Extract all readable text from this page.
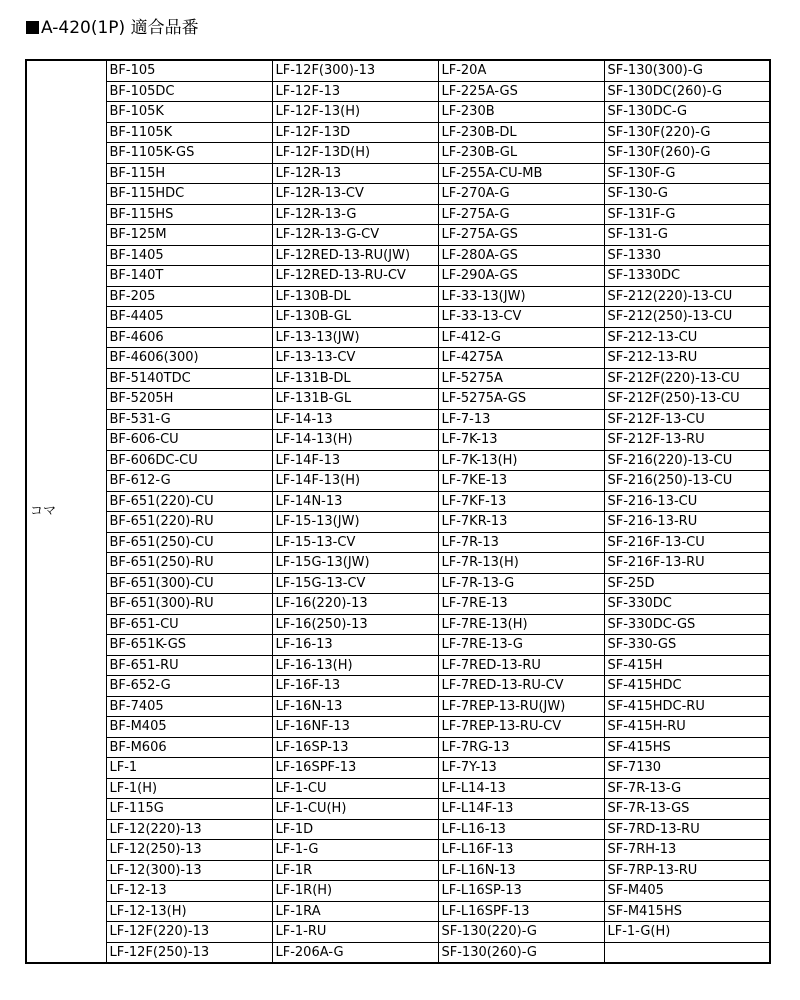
A-420(1P) 適合品番
コマ	BF-105	LF-12F(300)-13	LF-20A	SF-130(300)-G
	BF-105DC	LF-12F-13	LF-225A-GS	SF-130DC(260)-G
	BF-105K	LF-12F-13(H)	LF-230B	SF-130DC-G
	BF-1105K	LF-12F-13D	LF-230B-DL	SF-130F(220)-G
	BF-1105K-GS	LF-12F-13D(H)	LF-230B-GL	SF-130F(260)-G
	BF-115H	LF-12R-13	LF-255A-CU-MB	SF-130F-G
	BF-115HDC	LF-12R-13-CV	LF-270A-G	SF-130-G
	BF-115HS	LF-12R-13-G	LF-275A-G	SF-131F-G
	BF-125M	LF-12R-13-G-CV	LF-275A-GS	SF-131-G
	BF-1405	LF-12RED-13-RU(JW)	LF-280A-GS	SF-1330
	BF-140T	LF-12RED-13-RU-CV	LF-290A-GS	SF-1330DC
	BF-205	LF-130B-DL	LF-33-13(JW)	SF-212(220)-13-CU
	BF-4405	LF-130B-GL	LF-33-13-CV	SF-212(250)-13-CU
	BF-4606	LF-13-13(JW)	LF-412-G	SF-212-13-CU
	BF-4606(300)	LF-13-13-CV	LF-4275A	SF-212-13-RU
	BF-5140TDC	LF-131B-DL	LF-5275A	SF-212F(220)-13-CU
	BF-5205H	LF-131B-GL	LF-5275A-GS	SF-212F(250)-13-CU
	BF-531-G	LF-14-13	LF-7-13	SF-212F-13-CU
	BF-606-CU	LF-14-13(H)	LF-7K-13	SF-212F-13-RU
	BF-606DC-CU	LF-14F-13	LF-7K-13(H)	SF-216(220)-13-CU
	BF-612-G	LF-14F-13(H)	LF-7KE-13	SF-216(250)-13-CU
	BF-651(220)-CU	LF-14N-13	LF-7KF-13	SF-216-13-CU
	BF-651(220)-RU	LF-15-13(JW)	LF-7KR-13	SF-216-13-RU
	BF-651(250)-CU	LF-15-13-CV	LF-7R-13	SF-216F-13-CU
	BF-651(250)-RU	LF-15G-13(JW)	LF-7R-13(H)	SF-216F-13-RU
	BF-651(300)-CU	LF-15G-13-CV	LF-7R-13-G	SF-25D
	BF-651(300)-RU	LF-16(220)-13	LF-7RE-13	SF-330DC
	BF-651-CU	LF-16(250)-13	LF-7RE-13(H)	SF-330DC-GS
	BF-651K-GS	LF-16-13	LF-7RE-13-G	SF-330-GS
	BF-651-RU	LF-16-13(H)	LF-7RED-13-RU	SF-415H
	BF-652-G	LF-16F-13	LF-7RED-13-RU-CV	SF-415HDC
	BF-7405	LF-16N-13	LF-7REP-13-RU(JW)	SF-415HDC-RU
	BF-M405	LF-16NF-13	LF-7REP-13-RU-CV	SF-415H-RU
	BF-M606	LF-16SP-13	LF-7RG-13	SF-415HS
	LF-1	LF-16SPF-13	LF-7Y-13	SF-7130
	LF-1(H)	LF-1-CU	LF-L14-13	SF-7R-13-G
	LF-115G	LF-1-CU(H)	LF-L14F-13	SF-7R-13-GS
	LF-12(220)-13	LF-1D	LF-L16-13	SF-7RD-13-RU
	LF-12(250)-13	LF-1-G	LF-L16F-13	SF-7RH-13
	LF-12(300)-13	LF-1R	LF-L16N-13	SF-7RP-13-RU
	LF-12-13	LF-1R(H)	LF-L16SP-13	SF-M405
	LF-12-13(H)	LF-1RA	LF-L16SPF-13	SF-M415HS
	LF-12F(220)-13	LF-1-RU	SF-130(220)-G	LF-1-G(H)
	LF-12F(250)-13	LF-206A-G	SF-130(260)-G	
